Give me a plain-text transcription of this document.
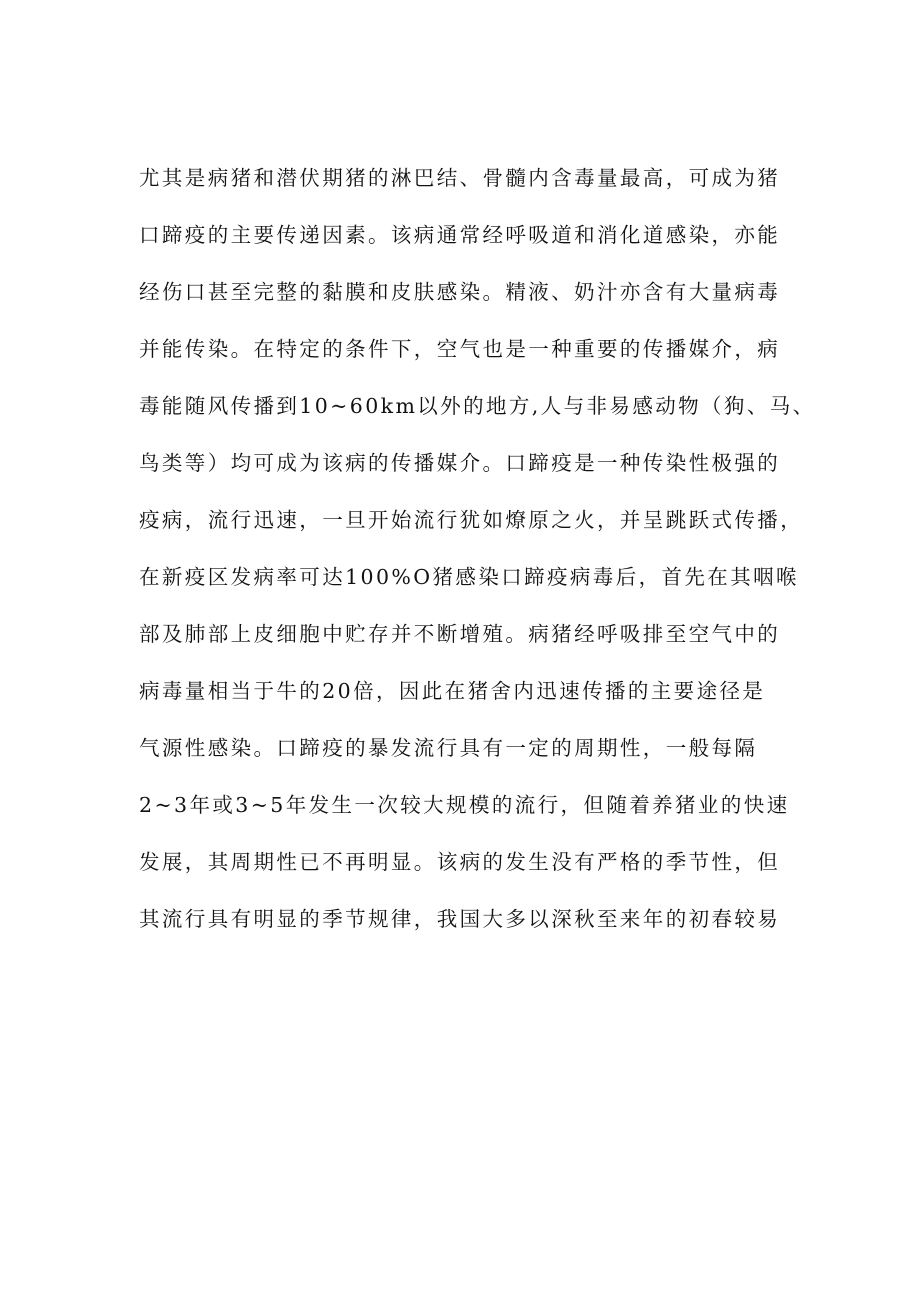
尤其是病猪和潜伏期猪的淋巴结、骨髓内含毒量最高，可成为猪
口蹄疫的主要传递因素。该病通常经呼吸道和消化道感染，亦能
经伤口甚至完整的黏膜和皮肤感染。精液、奶汁亦含有大量病毒
并能传染。在特定的条件下，空气也是一种重要的传播媒介，病
毒能随风传播到10~60km以外的地方,人与非易感动物（狗、马、
鸟类等）均可成为该病的传播媒介。口蹄疫是一种传染性极强的
疫病，流行迅速，一旦开始流行犹如燎原之火，并呈跳跃式传播，
在新疫区发病率可达100%O猪感染口蹄疫病毒后，首先在其咽喉
部及肺部上皮细胞中贮存并不断增殖。病猪经呼吸排至空气中的
病毒量相当于牛的20倍，因此在猪舍内迅速传播的主要途径是
气源性感染。口蹄疫的暴发流行具有一定的周期性，一般每隔
2~3年或3~5年发生一次较大规模的流行，但随着养猪业的快速
发展，其周期性已不再明显。该病的发生没有严格的季节性，但
其流行具有明显的季节规律，我国大多以深秋至来年的初春较易
